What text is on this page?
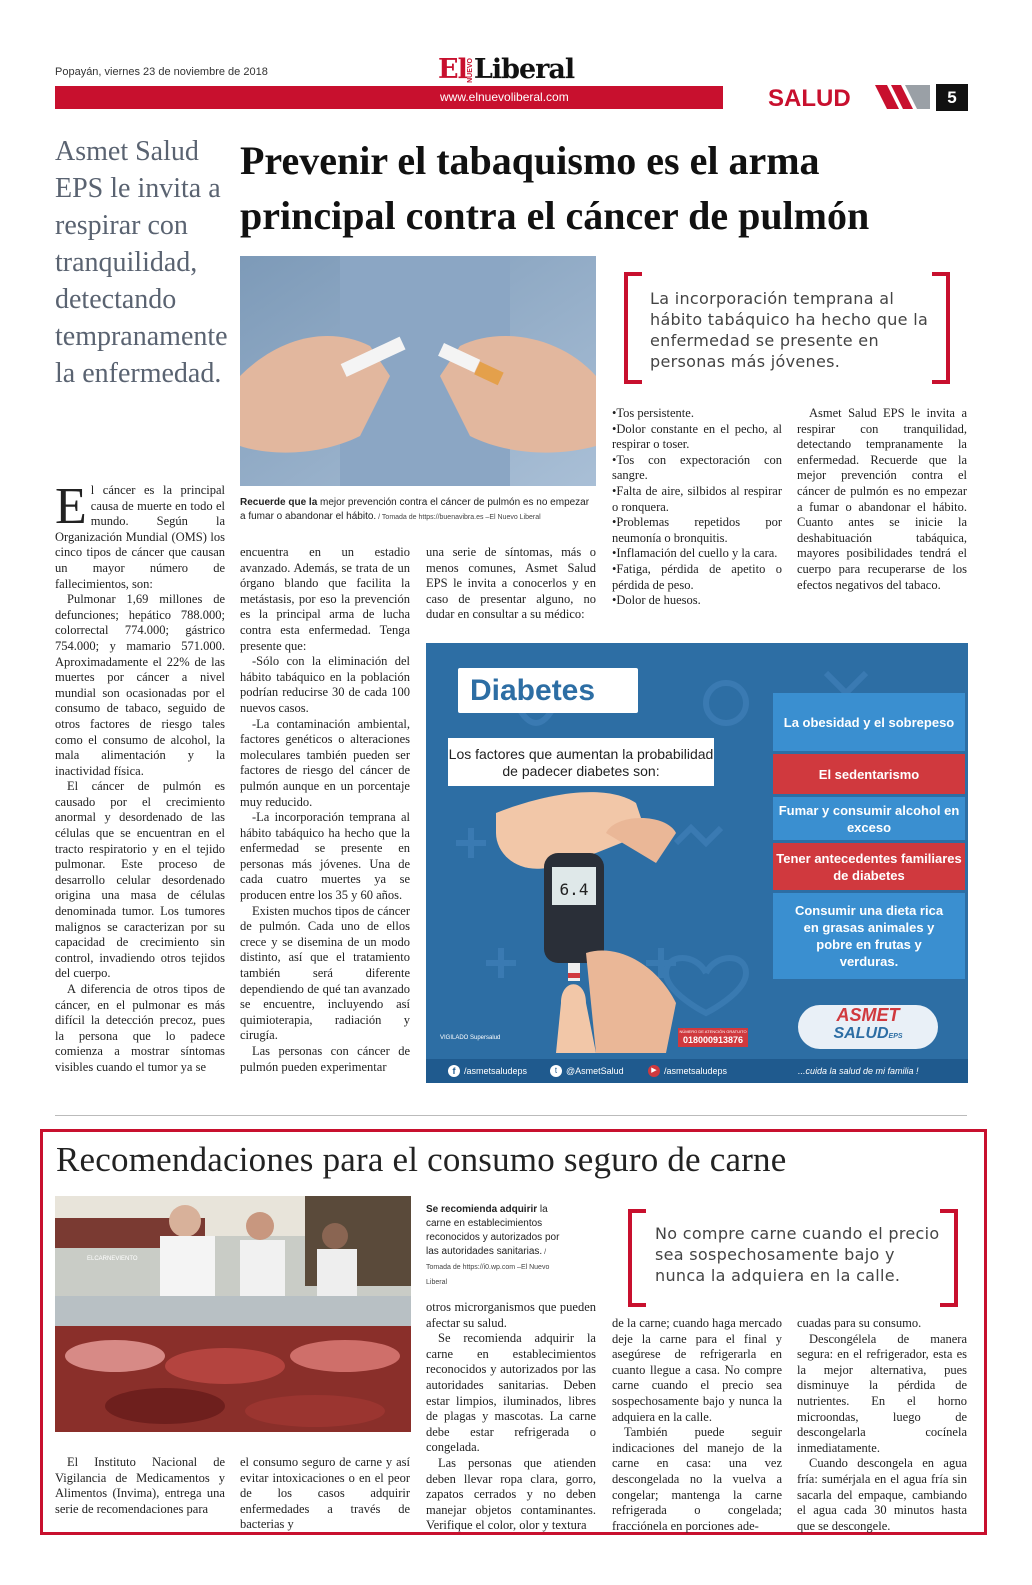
Popayán, viernes 23 de noviembre de 2018	ElNUEVOLiberal
www.elnuevoliberal.com	SALUD	5
Asmet Salud EPS le invita a respirar con tranquilidad, detectando tempranamente la enfermedad.
Prevenir el tabaquismo es el arma principal contra el cáncer de pulmón
Recuerde que la mejor prevención contra el cáncer de pulmón es no empezar a fumar o abandonar el hábito. / Tomada de https://buenavibra.es –El Nuevo Liberal
La incorporación temprana al hábito tabáquico ha hecho que la enfermedad se presente en personas más jóvenes.

El cáncer es la principal causa de muerte en todo el mundo. Según la Organización Mundial (OMS) los cinco tipos de cáncer que causan un mayor número de fallecimientos, son:

Pulmonar 1,69 millones de defunciones; hepático 788.000; colorrectal 774.000; gástrico 754.000; y mamario 571.000. Aproximadamente el 22% de las muertes por cáncer a nivel mundial son ocasionadas por el consumo de tabaco, seguido de otros factores de riesgo tales como el consumo de alcohol, la mala alimentación y la inactividad física.

El cáncer de pulmón es causado por el crecimiento anormal y desordenado de las células que se encuentran en el tracto respiratorio y en el tejido pulmonar. Este proceso de desarrollo celular desordenado origina una masa de células denominada tumor. Los tumores malignos se caracterizan por su capacidad de crecimiento sin control, invadiendo otros tejidos del cuerpo.

A diferencia de otros tipos de cáncer, en el pulmonar es más difícil la detección precoz, pues la persona que lo padece comienza a mostrar síntomas visibles cuando el tumor ya se

encuentra en un estadio avanzado. Además, se trata de un órgano blando que facilita la metástasis, por eso la prevención es la principal arma de lucha contra esta enfermedad. Tenga presente que:

-Sólo con la eliminación del hábito tabáquico en la población podrían reducirse 30 de cada 100 nuevos casos.

-La contaminación ambiental, factores genéticos o alteraciones moleculares también pueden ser factores de riesgo del cáncer de pulmón aunque en un porcentaje muy reducido.

-La incorporación temprana al hábito tabáquico ha hecho que la enfermedad se presente en personas más jóvenes. Una de cada cuatro muertes ya se producen entre los 35 y 60 años.

Existen muchos tipos de cáncer de pulmón. Cada uno de ellos crece y se disemina de un modo distinto, así que el tratamiento también será diferente dependiendo de qué tan avanzado se encuentre, incluyendo así quimioterapia, radiación y cirugía.

Las personas con cáncer de pulmón pueden experimentar

una serie de síntomas, más o menos comunes, Asmet Salud EPS le invita a conocerlos y en caso de presentar alguno, no dudar en consultar a su médico:

•Tos persistente.

•Dolor constante en el pecho, al respirar o toser.

•Tos con expectoración con sangre.

•Falta de aire, silbidos al respirar o ronquera.

•Problemas repetidos por neumonía o bronquitis.

•Inflamación del cuello y la cara.

•Fatiga, pérdida de apetito o pérdida de peso.

•Dolor de huesos.

Asmet Salud EPS le invita a respirar con tranquilidad, detectando tempranamente la enfermedad. Recuerde que la mejor prevención contra el cáncer de pulmón es no empezar a fumar o abandonar el hábito. Cuanto antes se inicie la deshabituación tabáquica, mayores posibilidades tendrá el cuerpo para recuperarse de los efectos negativos del tabaco.

6.4
Diabetes
Los factores que aumentan la probabilidad de padecer diabetes son:
La obesidad y el sobrepeso
El sedentarismo
Fumar y consumir alcohol en exceso
Tener antecedentes familiares de diabetes
Consumir una dieta rica en grasas animales y pobre en frutas y verduras.
VIGILADO Supersalud
NÚMERO DE ATENCIÓN GRATUITO
018000913876
ASMET
SALUDEPS
f /asmetsaludeps	t @AsmetSalud	▶ /asmetsaludeps	...cuida la salud de mi familia !
Recomendaciones para el consumo seguro de carne
ELCARNEVIENTO
Se recomienda adquirir la carne en establecimientos reconocidos y autorizados por las autoridades sanitarias. / Tomada de https://i0.wp.com –El Nuevo Liberal
No compre carne cuando el precio sea sospechosamente bajo y nunca la adquiera en la calle.

El Instituto Nacional de Vigilancia de Medicamentos y Alimentos (Invima), entrega una serie de recomendaciones para

el consumo seguro de carne y así evitar intoxicaciones o en el peor de los casos adquirir enfermedades a través de bacterias y

otros microrganismos que pueden afectar su salud.

Se recomienda adquirir la carne en establecimientos reconocidos y autorizados por las autoridades sanitarias. Deben estar limpios, iluminados, libres de plagas y mascotas. La carne debe estar refrigerada o congelada.

Las personas que atienden deben llevar ropa clara, gorro, zapatos cerrados y no deben manejar objetos contaminantes. Verifique el color, olor y textura

de la carne; cuando haga mercado deje la carne para el final y asegúrese de refrigerarla en cuanto llegue a casa. No compre carne cuando el precio sea sospechosamente bajo y nunca la adquiera en la calle.

También puede seguir indicaciones del manejo de la carne en casa: una vez descongelada no la vuelva a congelar; mantenga la carne refrigerada o congelada; fracciónela en porciones ade-

cuadas para su consumo.

Descongélela de manera segura: en el refrigerador, esta es la mejor alternativa, pues disminuye la pérdida de nutrientes. En el horno microondas, luego de descongelarla cocínela inmediatamente.

Cuando descongela en agua fría: sumérjala en el agua fría sin sacarla del empaque, cambiando el agua cada 30 minutos hasta que se descongele.
